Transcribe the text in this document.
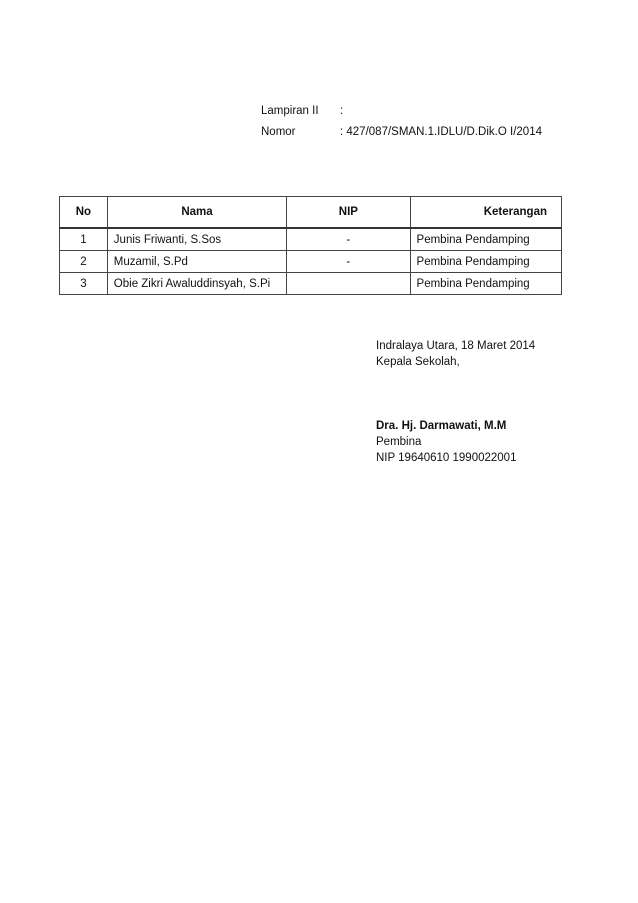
Lampiran II	:
Nomor	: 427/087/SMAN.1.IDLU/D.Dik.O I/2014
No	Nama	NIP	Keterangan
1	Junis Friwanti, S.Sos	-	Pembina Pendamping
2	Muzamil, S.Pd	-	Pembina Pendamping
3	Obie Zikri Awaluddinsyah, S.Pi		Pembina Pendamping
Indralaya Utara, 18 Maret 2014
Kepala Sekolah,
Dra. Hj. Darmawati, M.M
Pembina
NIP 19640610 1990022001
